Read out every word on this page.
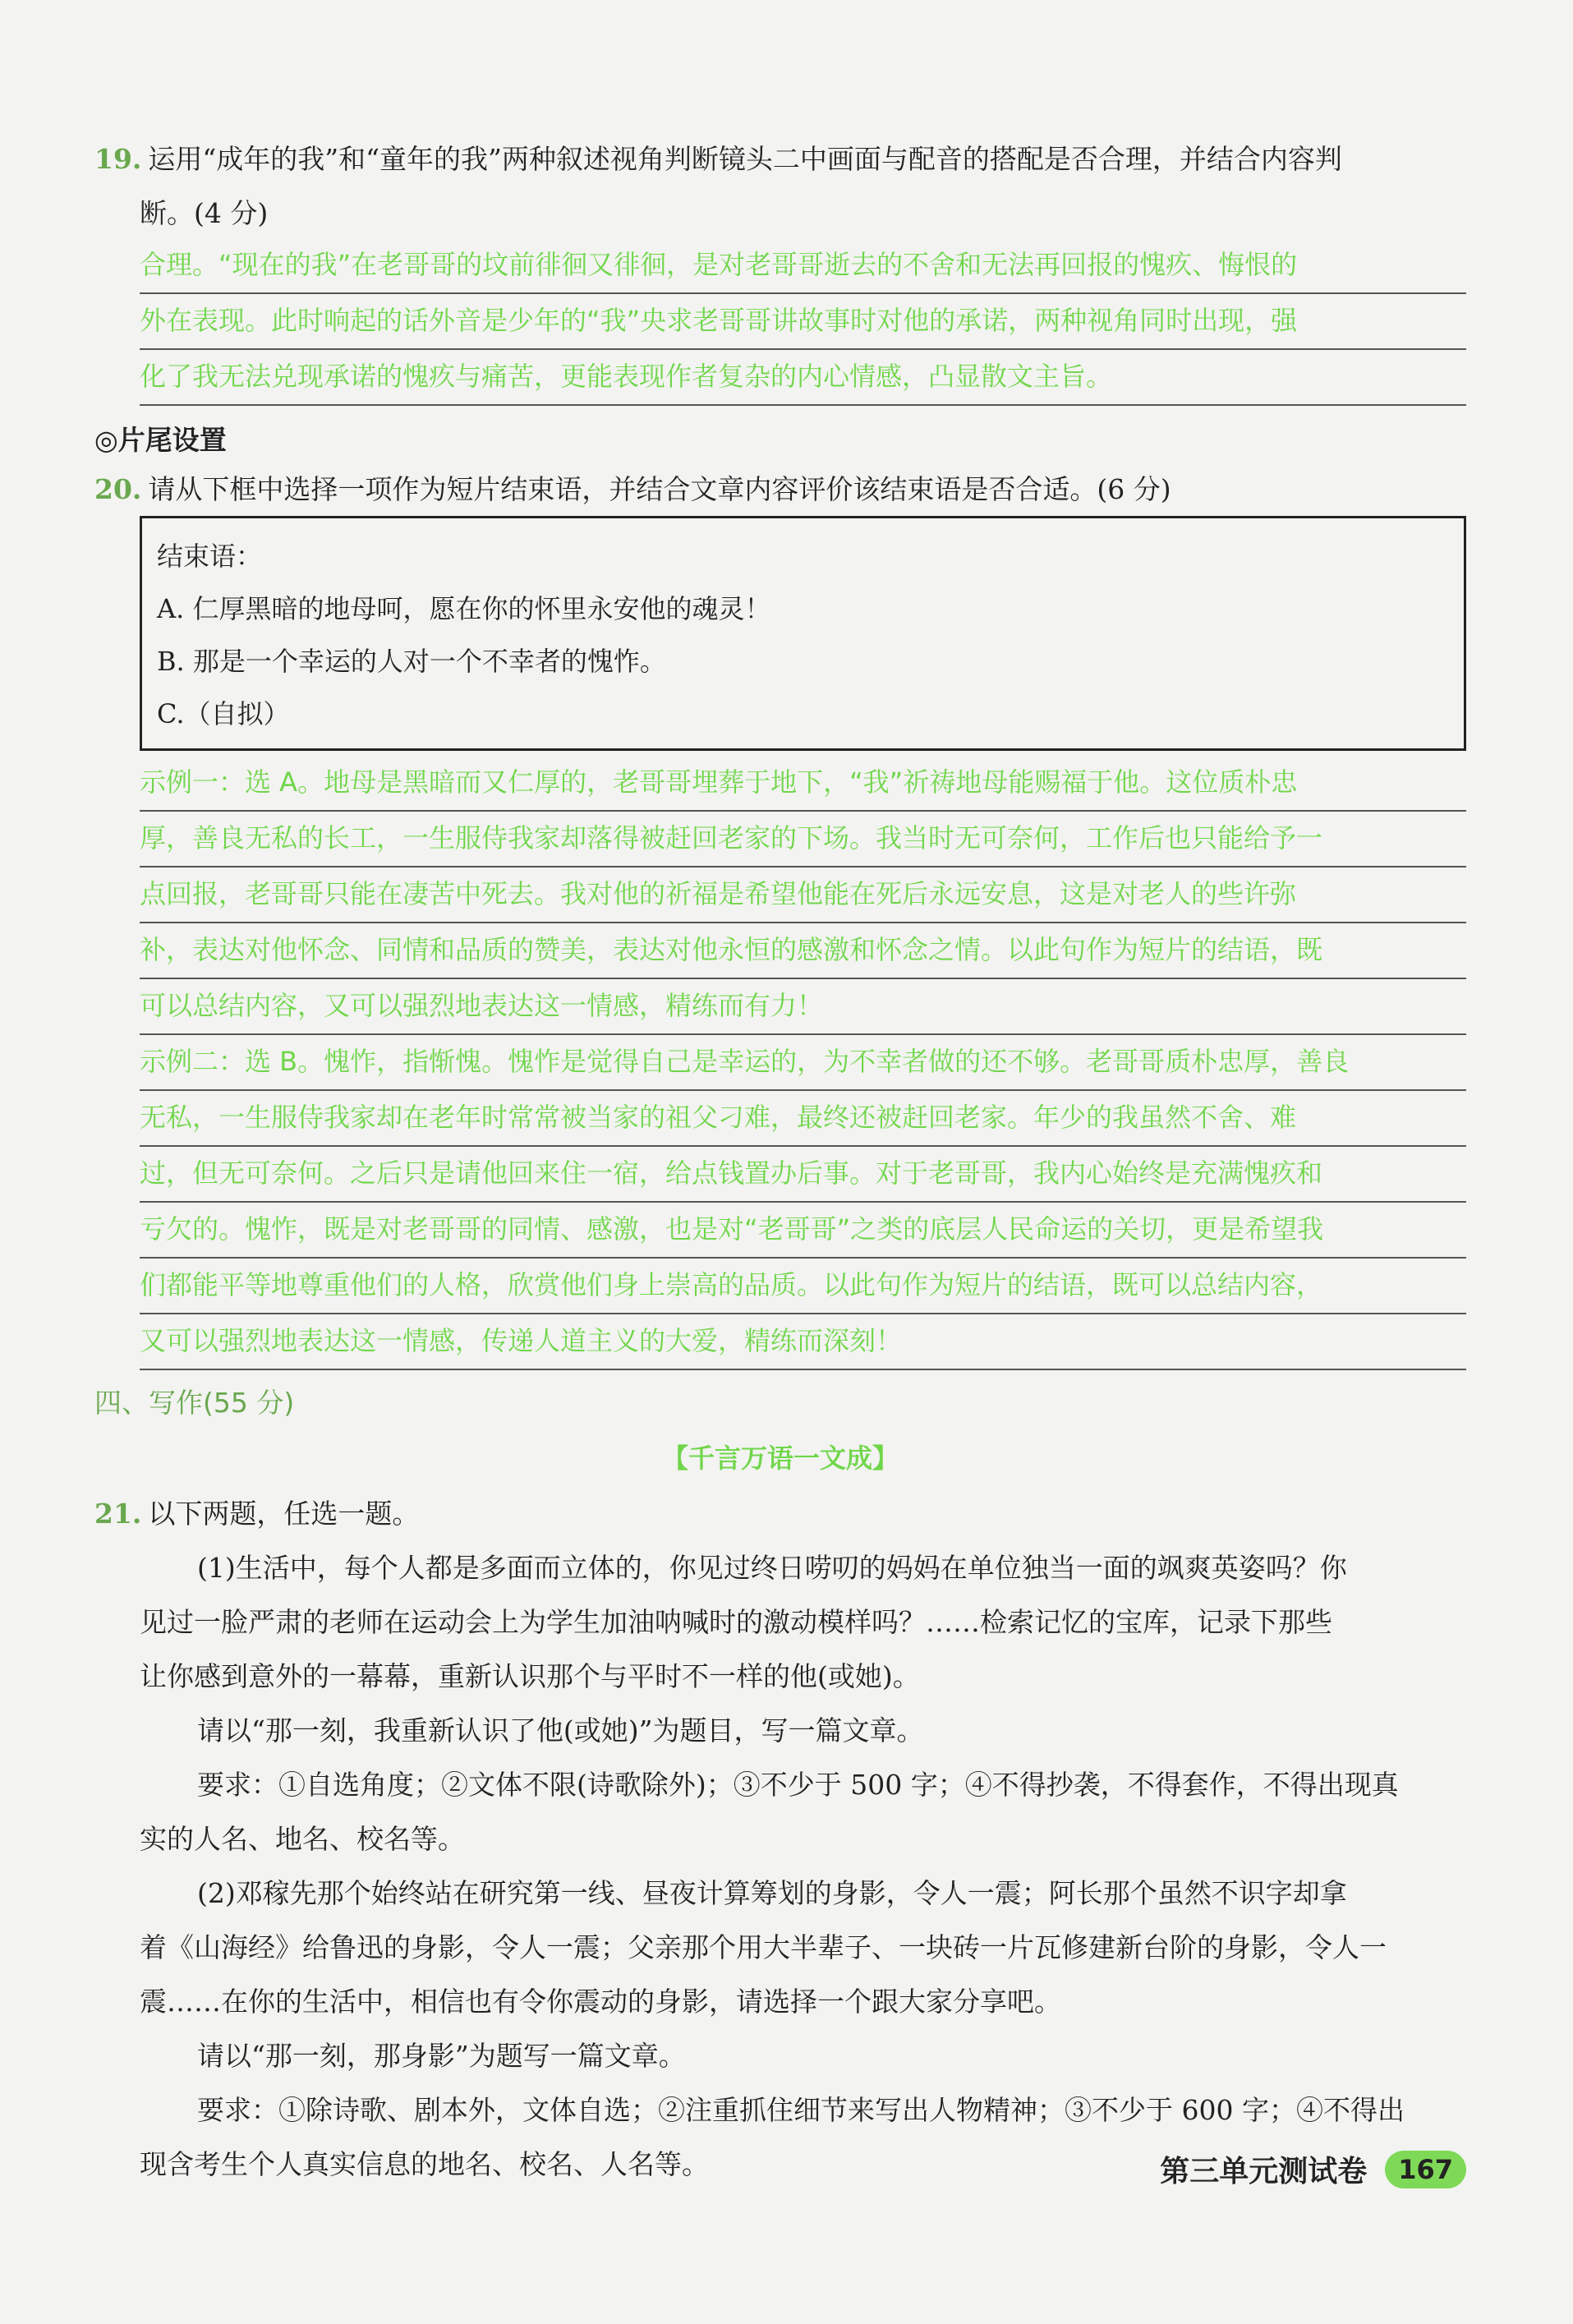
19. 运用“成年的我”和“童年的我”两种叙述视角判断镜头二中画面与配音的搭配是否合理，并结合内容判
断。(4 分)
合理。“现在的我”在老哥哥的坟前徘徊又徘徊，是对老哥哥逝去的不舍和无法再回报的愧疚、悔恨的
外在表现。此时响起的话外音是少年的“我”央求老哥哥讲故事时对他的承诺，两种视角同时出现，强
化了我无法兑现承诺的愧疚与痛苦，更能表现作者复杂的内心情感，凸显散文主旨。
◎片尾设置
20. 请从下框中选择一项作为短片结束语，并结合文章内容评价该结束语是否合适。(6 分)
结束语：
A. 仁厚黑暗的地母呵，愿在你的怀里永安他的魂灵！
B. 那是一个幸运的人对一个不幸者的愧怍。
C.（自拟）
示例一：选 A。地母是黑暗而又仁厚的，老哥哥埋葬于地下，“我”祈祷地母能赐福于他。这位质朴忠
厚，善良无私的长工，一生服侍我家却落得被赶回老家的下场。我当时无可奈何，工作后也只能给予一
点回报，老哥哥只能在凄苦中死去。我对他的祈福是希望他能在死后永远安息，这是对老人的些许弥
补，表达对他怀念、同情和品质的赞美，表达对他永恒的感激和怀念之情。以此句作为短片的结语，既
可以总结内容，又可以强烈地表达这一情感，精练而有力！
示例二：选 B。愧怍，指惭愧。愧怍是觉得自己是幸运的，为不幸者做的还不够。老哥哥质朴忠厚，善良
无私，一生服侍我家却在老年时常常被当家的祖父刁难，最终还被赶回老家。年少的我虽然不舍、难
过，但无可奈何。之后只是请他回来住一宿，给点钱置办后事。对于老哥哥，我内心始终是充满愧疚和
亏欠的。愧怍，既是对老哥哥的同情、感激，也是对“老哥哥”之类的底层人民命运的关切，更是希望我
们都能平等地尊重他们的人格，欣赏他们身上崇高的品质。以此句作为短片的结语，既可以总结内容，
又可以强烈地表达这一情感，传递人道主义的大爱，精练而深刻！
四、写作(55 分)
【千言万语一文成】
21. 以下两题，任选一题。
(1)生活中，每个人都是多面而立体的，你见过终日唠叨的妈妈在单位独当一面的飒爽英姿吗？你
见过一脸严肃的老师在运动会上为学生加油呐喊时的激动模样吗？……检索记忆的宝库，记录下那些
让你感到意外的一幕幕，重新认识那个与平时不一样的他(或她)。
请以“那一刻，我重新认识了他(或她)”为题目，写一篇文章。
要求：①自选角度；②文体不限(诗歌除外)；③不少于 500 字；④不得抄袭，不得套作，不得出现真
实的人名、地名、校名等。
(2)邓稼先那个始终站在研究第一线、昼夜计算筹划的身影，令人一震；阿长那个虽然不识字却拿
着《山海经》给鲁迅的身影，令人一震；父亲那个用大半辈子、一块砖一片瓦修建新台阶的身影，令人一
震……在你的生活中，相信也有令你震动的身影，请选择一个跟大家分享吧。
请以“那一刻，那身影”为题写一篇文章。
要求：①除诗歌、剧本外，文体自选；②注重抓住细节来写出人物精神；③不少于 600 字；④不得出
现含考生个人真实信息的地名、校名、人名等。	第三单元测试卷	167
